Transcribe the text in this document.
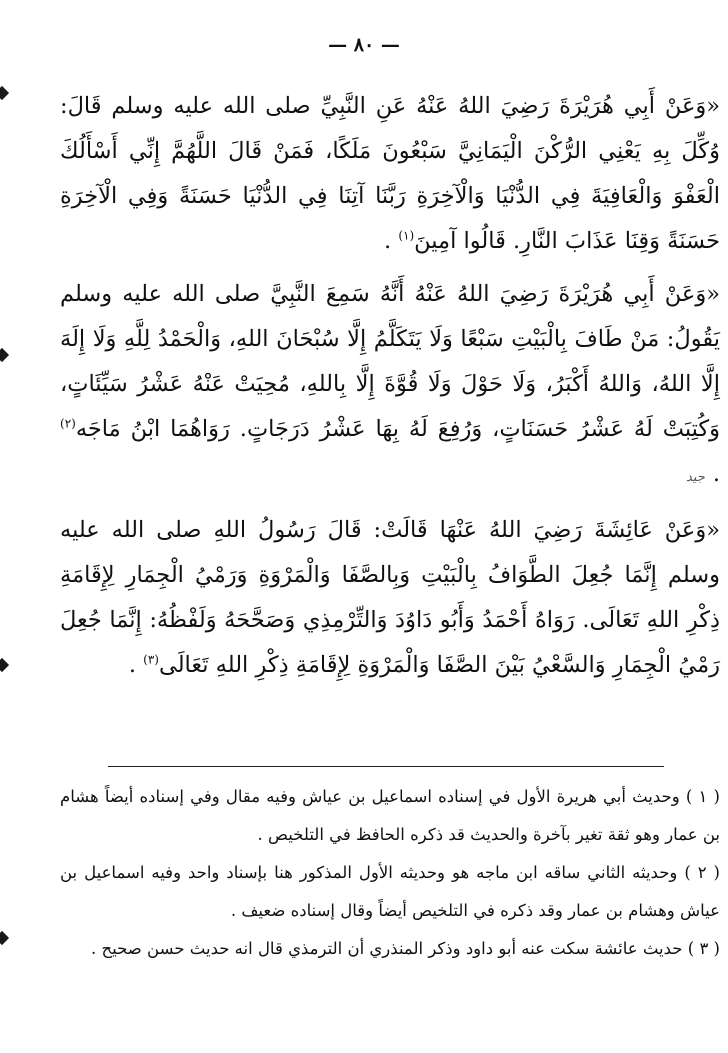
— ٨٠ —

«وَعَنْ أَبِي هُرَيْرَةَ رَضِيَ اللهُ عَنْهُ عَنِ النَّبِيِّ صلى الله عليه وسلم قَالَ: وُكِّلَ بِهِ يَعْنِي الرُّكْنَ الْيَمَانِيَّ سَبْعُونَ مَلَكًا، فَمَنْ قَالَ اللَّهُمَّ إِنِّي أَسْأَلُكَ الْعَفْوَ وَالْعَافِيَةَ فِي الدُّنْيَا وَالْآخِرَةِ رَبَّنَا آتِنَا فِي الدُّنْيَا حَسَنَةً وَفِي الْآخِرَةِ حَسَنَةً وَقِنَا عَذَابَ النَّارِ. قَالُوا آمِينَ$^{(١)}$ .

«وَعَنْ أَبِي هُرَيْرَةَ رَضِيَ اللهُ عَنْهُ أَنَّهُ سَمِعَ النَّبِيَّ صلى الله عليه وسلم يَقُولُ: مَنْ طَافَ بِالْبَيْتِ سَبْعًا وَلَا يَتَكَلَّمُ إِلَّا سُبْحَانَ اللهِ، وَالْحَمْدُ لِلَّهِ وَلَا إِلَهَ إِلَّا اللهُ، وَاللهُ أَكْبَرُ، وَلَا حَوْلَ وَلَا قُوَّةَ إِلَّا بِاللهِ، مُحِيَتْ عَنْهُ عَشْرُ سَيِّئَاتٍ، وَكُتِبَتْ لَهُ عَشْرُ حَسَنَاتٍ، وَرُفِعَ لَهُ بِهَا عَشْرُ دَرَجَاتٍ. رَوَاهُمَا ابْنُ مَاجَه$^{(٢)}$ .جيد

«وَعَنْ عَائِشَةَ رَضِيَ اللهُ عَنْهَا قَالَتْ: قَالَ رَسُولُ اللهِ صلى الله عليه وسلم إِنَّمَا جُعِلَ الطَّوَافُ بِالْبَيْتِ وَبِالصَّفَا وَالْمَرْوَةِ وَرَمْيُ الْجِمَارِ لِإِقَامَةِ ذِكْرِ اللهِ تَعَالَى. رَوَاهُ أَحْمَدُ وَأَبُو دَاوُدَ وَالتِّرْمِذِي وَصَحَّحَهُ وَلَفْظُهُ: إِنَّمَا جُعِلَ رَمْيُ الْجِمَارِ وَالسَّعْيُ بَيْنَ الصَّفَا وَالْمَرْوَةِ لِإِقَامَةِ ذِكْرِ اللهِ تَعَالَى$^{(٣)}$ .

( ١ ) وحديث أبي هريرة الأول في إسناده اسماعيل بن عياش وفيه مقال وفي إسناده أيضاً هشام بن عمار وهو ثقة تغير بآخرة والحديث قد ذكره الحافظ في التلخيص .

( ٢ ) وحديثه الثاني ساقه ابن ماجه هو وحديثه الأول المذكور هنا بإسناد واحد وفيه اسماعيل بن عياش وهشام بن عمار وقد ذكره في التلخيص أيضاً وقال إسناده ضعيف .

( ٣ ) حديث عائشة سكت عنه أبو داود وذكر المنذري أن الترمذي قال انه حديث حسن صحيح .
